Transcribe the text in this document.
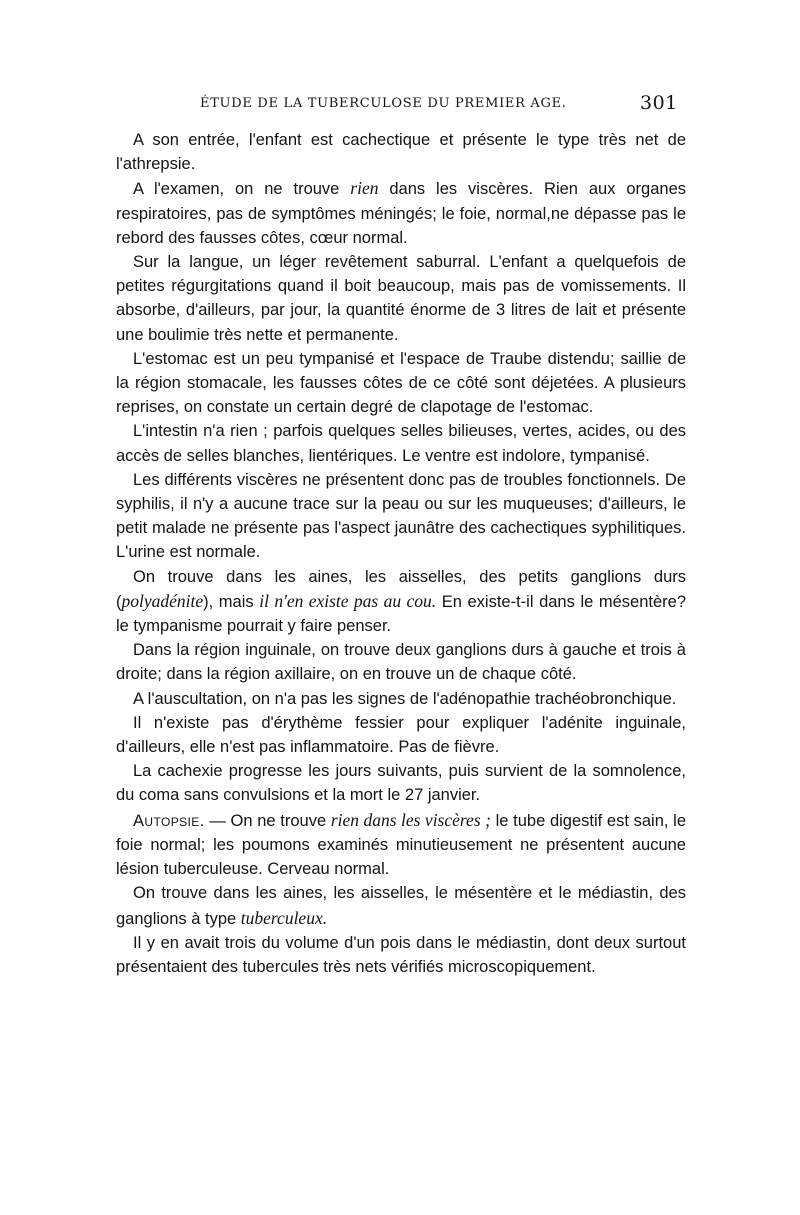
ÉTUDE DE LA TUBERCULOSE DU PREMIER AGE.	301

A son entrée, l'enfant est cachectique et présente le type très net de l'athrepsie.

A l'examen, on ne trouve rien dans les viscères. Rien aux organes respiratoires, pas de symptômes méningés; le foie, normal,ne dépasse pas le rebord des fausses côtes, cœur normal.

Sur la langue, un léger revêtement saburral. L'enfant a quelquefois de petites régurgitations quand il boit beaucoup, mais pas de vomissements. Il absorbe, d'ailleurs, par jour, la quantité énorme de 3 litres de lait et présente une boulimie très nette et permanente.

L'estomac est un peu tympanisé et l'espace de Traube distendu; saillie de la région stomacale, les fausses côtes de ce côté sont déjetées. A plusieurs reprises, on constate un certain degré de clapotage de l'estomac.

L'intestin n'a rien ; parfois quelques selles bilieuses, vertes, acides, ou des accès de selles blanches, lientériques. Le ventre est indolore, tympanisé.

Les différents viscères ne présentent donc pas de troubles fonctionnels. De syphilis, il n'y a aucune trace sur la peau ou sur les muqueuses; d'ailleurs, le petit malade ne présente pas l'aspect jaunâtre des cachectiques syphilitiques. L'urine est normale.

On trouve dans les aines, les aisselles, des petits ganglions durs (polyadénite), mais il n'en existe pas au cou. En existe-t-il dans le mésentère? le tympanisme pourrait y faire penser.

Dans la région inguinale, on trouve deux ganglions durs à gauche et trois à droite; dans la région axillaire, on en trouve un de chaque côté.

A l'auscultation, on n'a pas les signes de l'adénopathie trachéobronchique.

Il n'existe pas d'érythème fessier pour expliquer l'adénite inguinale, d'ailleurs, elle n'est pas inflammatoire. Pas de fièvre.

La cachexie progresse les jours suivants, puis survient de la somnolence, du coma sans convulsions et la mort le 27 janvier.

Autopsie. — On ne trouve rien dans les viscères ; le tube digestif est sain, le foie normal; les poumons examinés minutieusement ne présentent aucune lésion tuberculeuse. Cerveau normal.

On trouve dans les aines, les aisselles, le mésentère et le médiastin, des ganglions à type tuberculeux.

Il y en avait trois du volume d'un pois dans le médiastin, dont deux surtout présentaient des tubercules très nets vérifiés microscopiquement.
